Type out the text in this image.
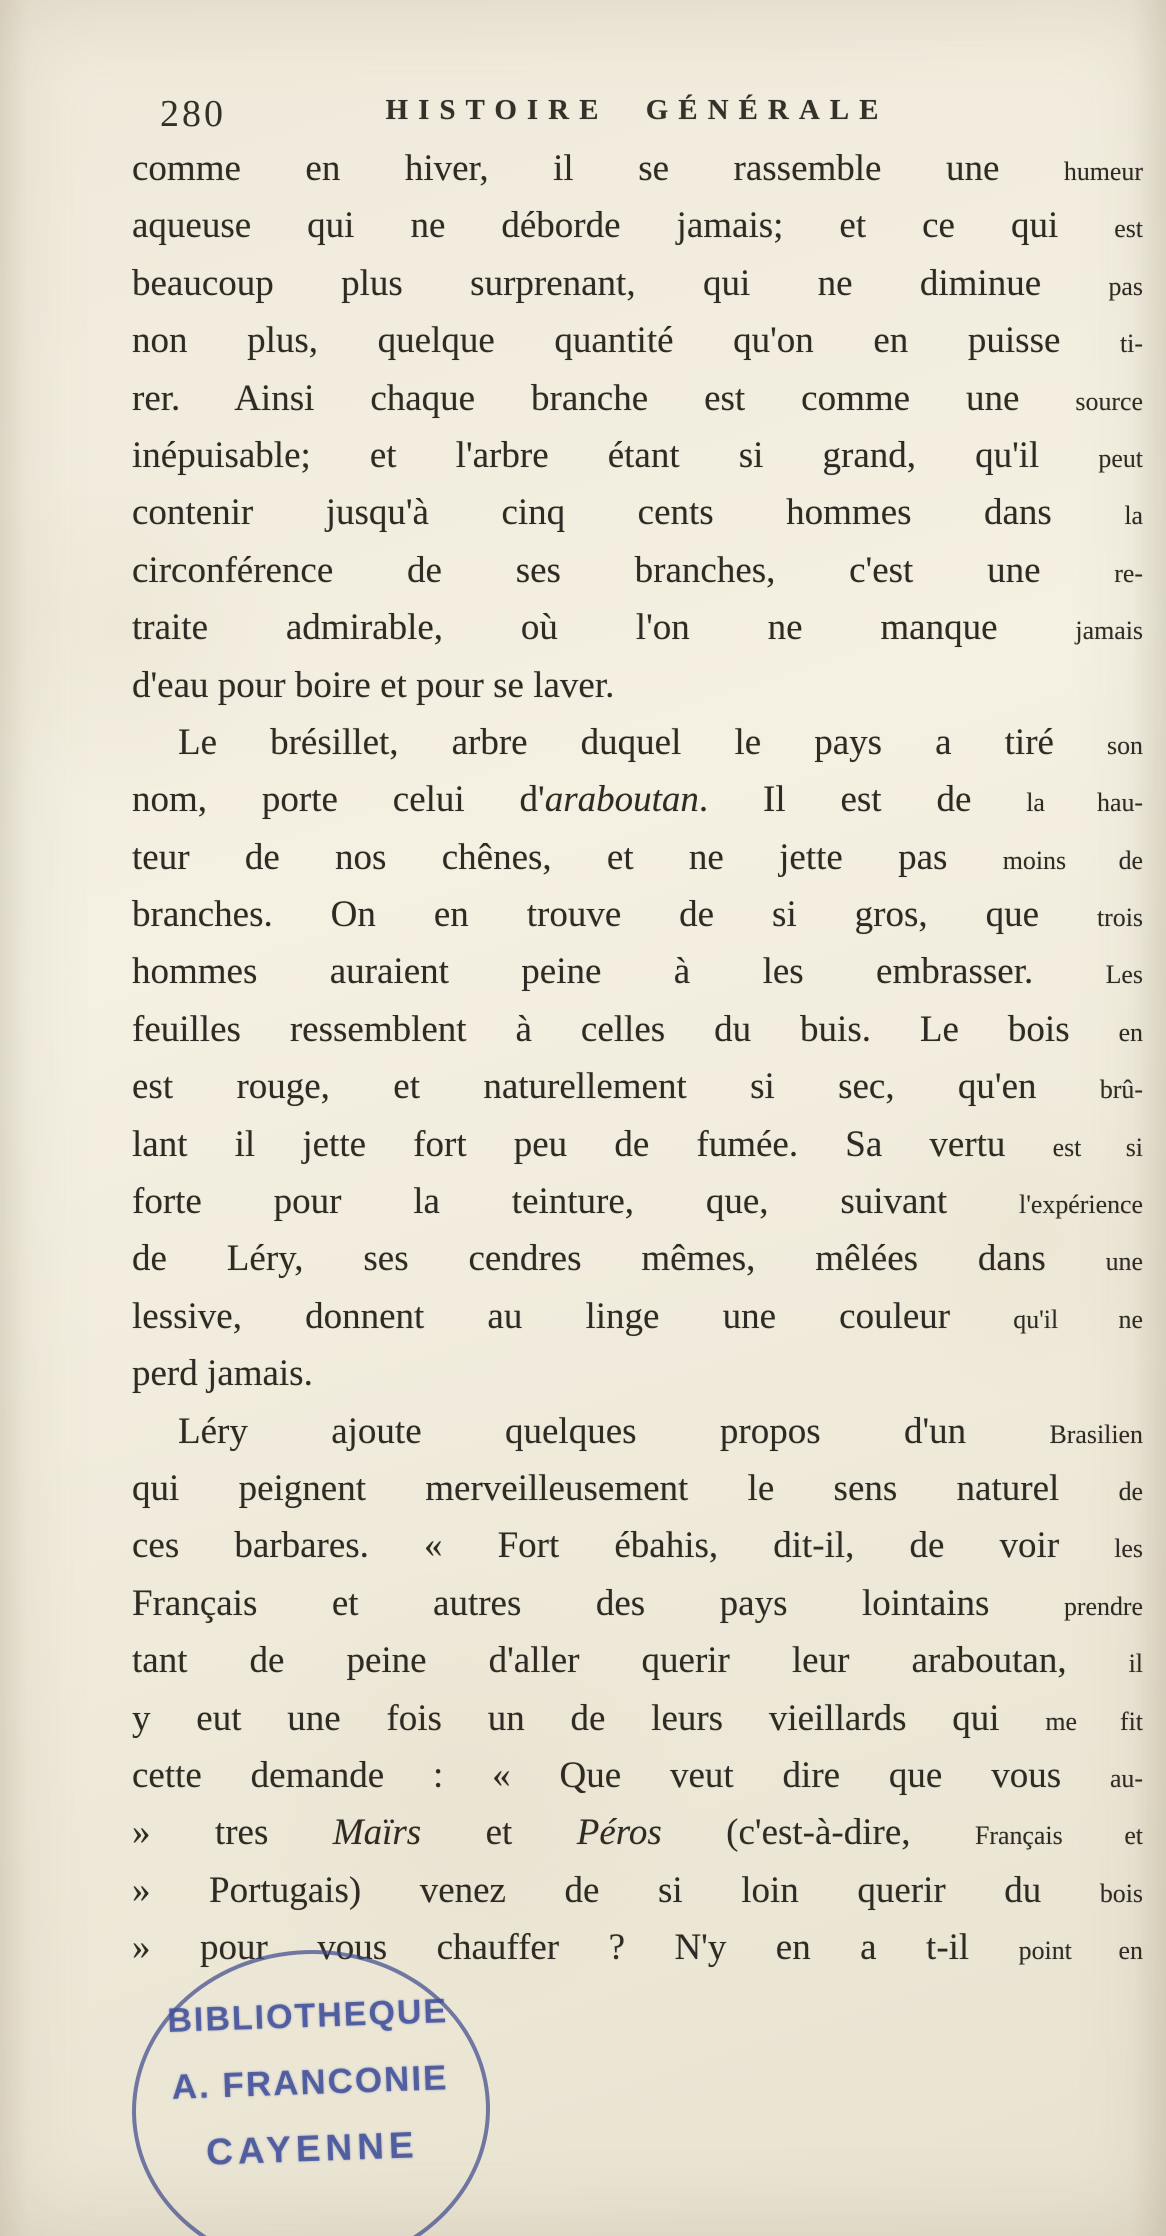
280	HISTOIRE GÉNÉRALE
comme en hiver, il se rassemble une humeur
aqueuse qui ne déborde jamais; et ce qui est
beaucoup plus surprenant, qui ne diminue pas
non plus, quelque quantité qu'on en puisse ti-
rer. Ainsi chaque branche est comme une source
inépuisable; et l'arbre étant si grand, qu'il peut
contenir jusqu'à cinq cents hommes dans la
circonférence de ses branches, c'est une re-
traite admirable, où l'on ne manque jamais
d'eau pour boire et pour se laver.
Le brésillet, arbre duquel le pays a tiré son
nom, porte celui d'araboutan. Il est de la hau-
teur de nos chênes, et ne jette pas moins de
branches. On en trouve de si gros, que trois
hommes auraient peine à les embrasser. Les
feuilles ressemblent à celles du buis. Le bois en
est rouge, et naturellement si sec, qu'en brû-
lant il jette fort peu de fumée. Sa vertu est si
forte pour la teinture, que, suivant l'expérience
de Léry, ses cendres mêmes, mêlées dans une
lessive, donnent au linge une couleur qu'il ne
perd jamais.
Léry ajoute quelques propos d'un Brasilien
qui peignent merveilleusement le sens naturel de
ces barbares. « Fort ébahis, dit-il, de voir les
Français et autres des pays lointains prendre
tant de peine d'aller querir leur araboutan, il
y eut une fois un de leurs vieillards qui me fit
cette demande : « Que veut dire que vous au-
» tres Maïrs et Péros (c'est-à-dire, Français et
» Portugais) venez de si loin querir du bois
» pour vous chauffer ? N'y en a t-il point en
BIBLIOTHEQUE
A. FRANCONIE
CAYENNE
